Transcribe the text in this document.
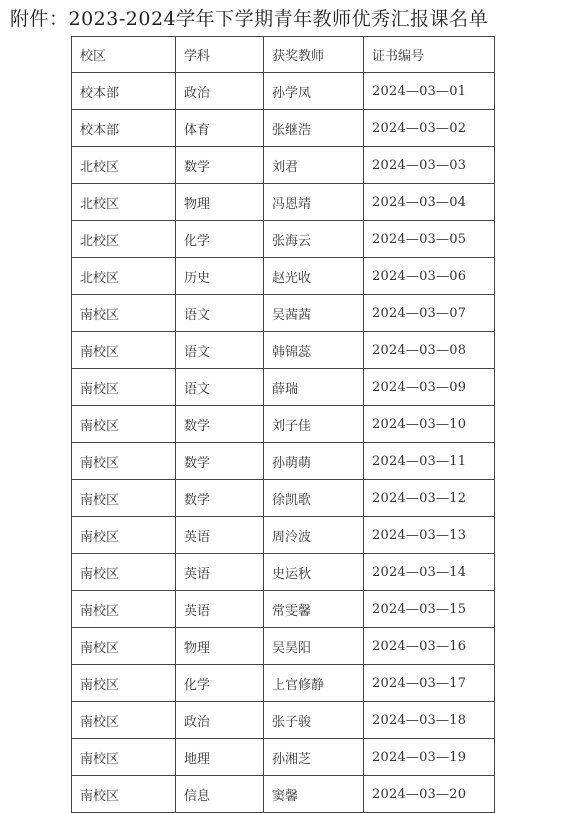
附件：2023-2024学年下学期青年教师优秀汇报课名单
校区	学科	获奖教师	证书编号
校本部	政治	孙学凤	2024—03—01
校本部	体育	张继浩	2024—03—02
北校区	数学	刘君	2024—03—03
北校区	物理	冯恩靖	2024—03—04
北校区	化学	张海云	2024—03—05
北校区	历史	赵光收	2024—03—06
南校区	语文	吴茜茜	2024—03—07
南校区	语文	韩锦蕊	2024—03—08
南校区	语文	薛瑞	2024—03—09
南校区	数学	刘子佳	2024—03—10
南校区	数学	孙萌萌	2024—03—11
南校区	数学	徐凯歌	2024—03—12
南校区	英语	周泠波	2024—03—13
南校区	英语	史运秋	2024—03—14
南校区	英语	常雯馨	2024—03—15
南校区	物理	吴昊阳	2024—03—16
南校区	化学	上官修静	2024—03—17
南校区	政治	张子骏	2024—03—18
南校区	地理	孙湘芝	2024—03—19
南校区	信息	窦馨	2024—03—20
